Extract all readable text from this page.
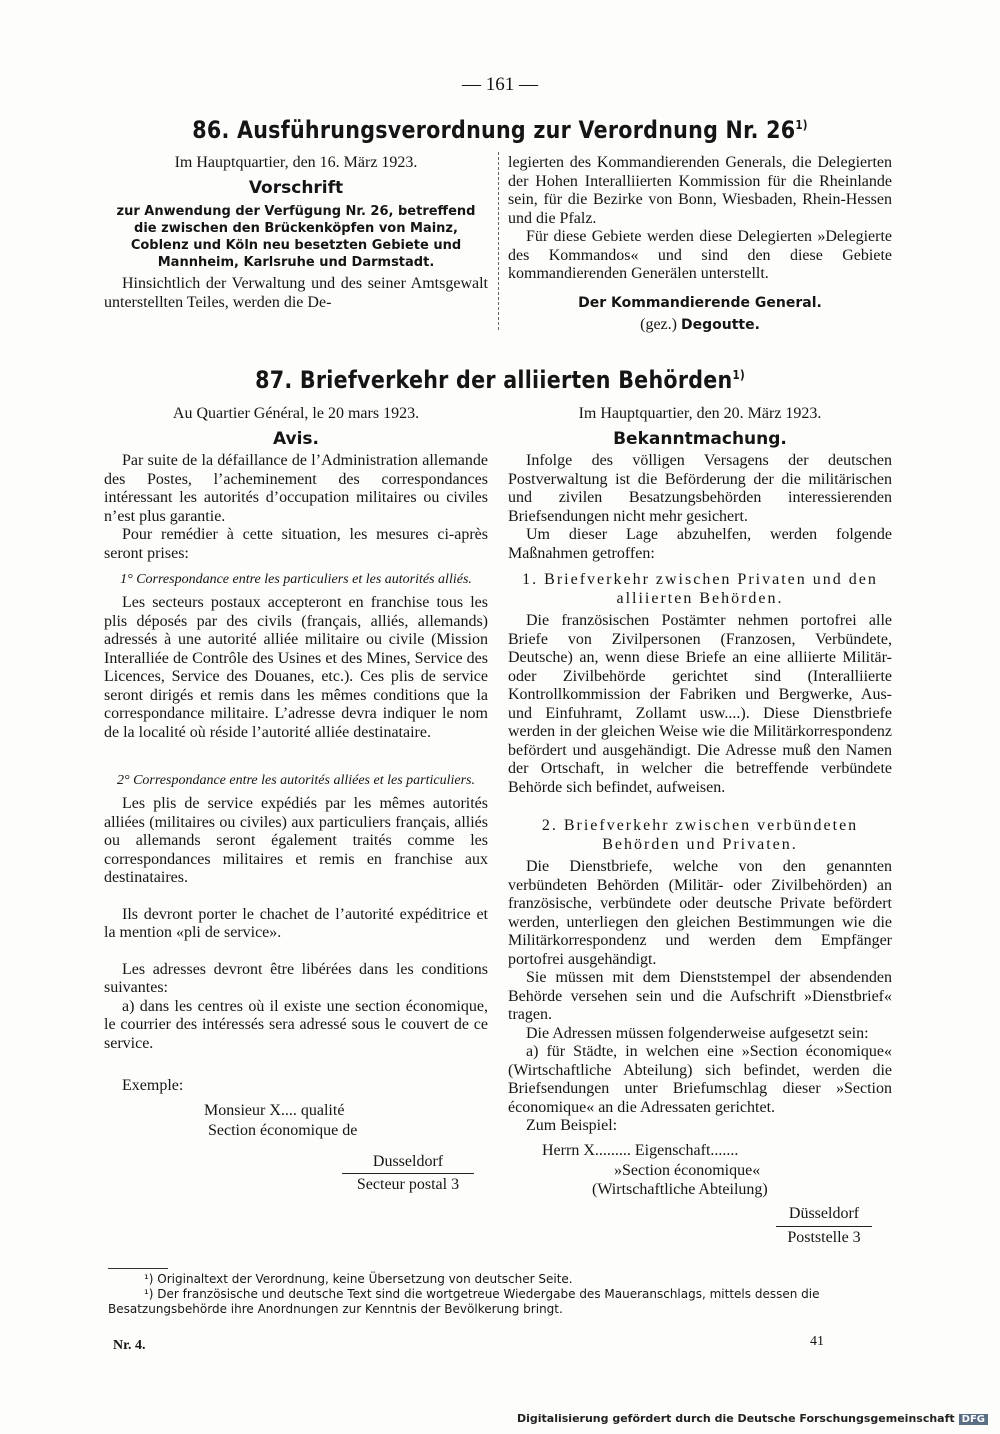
— 161 —
86. Ausführungsverordnung zur Verordnung Nr. 26$^{1)}$
Im Hauptquartier, den 16. März 1923.
Vorschrift
zur Anwendung der Verfügung Nr. 26, betreffend die zwischen den Brückenköpfen von Mainz, Coblenz und Köln neu besetzten Gebiete und Mannheim, Karlsruhe und Darmstadt.

Hinsichtlich der Verwaltung und des seiner Amtsgewalt unterstellten Teiles, werden die De-

legierten des Kommandierenden Generals, die Delegierten der Hohen Interalliierten Kommission für die Rheinlande sein, für die Bezirke von Bonn, Wiesbaden, Rhein-Hessen und die Pfalz.

Für diese Gebiete werden diese Delegierten »Delegierte des Kommandos« und sind den diese Gebiete kommandierenden Generälen unterstellt.

Der Kommandierende General.
(gez.) Degoutte.
87. Briefverkehr der alliierten Behörden$^{1)}$
Au Quartier Général, le 20 mars 1923.
Avis.

Par suite de la défaillance de l’Administration allemande des Postes, l’acheminement des correspondances intéressant les autorités d’occupation militaires ou civiles n’est plus garantie.

Pour remédier à cette situation, les mesures ci-après seront prises:

1° Correspondance entre les particuliers et les autorités alliés.

Les secteurs postaux accepteront en franchise tous les plis déposés par des civils (français, alliés, allemands) adressés à une autorité alliée militaire ou civile (Mission Interalliée de Contrôle des Usines et des Mines, Service des Licences, Service des Douanes, etc.). Ces plis de service seront dirigés et remis dans les mêmes conditions que la correspondance militaire. L’adresse devra indiquer le nom de la localité où réside l’autorité alliée destinataire.

2° Correspondance entre les autorités alliées et les particuliers.

Les plis de service expédiés par les mêmes autorités alliées (militaires ou civiles) aux particuliers français, alliés ou allemands seront également traités comme les correspondances militaires et remis en franchise aux destinataires.

Ils devront porter le chachet de l’autorité expéditrice et la mention «pli de service».

Les adresses devront être libérées dans les conditions suivantes:

a) dans les centres où il existe une section économique, le courrier des intéressés sera adressé sous le couvert de ce service.

Exemple:
Monsieur X.... qualité
Section économique de
Dusseldorf
Secteur postal 3
Im Hauptquartier, den 20. März 1923.
Bekanntmachung.

Infolge des völligen Versagens der deutschen Postverwaltung ist die Beförderung der die militärischen und zivilen Besatzungsbehörden interessierenden Briefsendungen nicht mehr gesichert.

Um dieser Lage abzuhelfen, werden folgende Maßnahmen getroffen:

1. Briefverkehr zwischen Privaten und den alliierten Behörden.

Die französischen Postämter nehmen portofrei alle Briefe von Zivilpersonen (Franzosen, Verbündete, Deutsche) an, wenn diese Briefe an eine alliierte Militär- oder Zivilbehörde gerichtet sind (Interalliierte Kontrollkommission der Fabriken und Bergwerke, Aus- und Einfuhramt, Zollamt usw....). Diese Dienstbriefe werden in der gleichen Weise wie die Militärkorrespondenz befördert und ausgehändigt. Die Adresse muß den Namen der Ortschaft, in welcher die betreffende verbündete Behörde sich befindet, aufweisen.

2. Briefverkehr zwischen verbündeten Behörden und Privaten.

Die Dienstbriefe, welche von den genannten verbündeten Behörden (Militär- oder Zivilbehörden) an französische, verbündete oder deutsche Private befördert werden, unterliegen den gleichen Bestimmungen wie die Militärkorrespondenz und werden dem Empfänger portofrei ausgehändigt.

Sie müssen mit dem Dienststempel der absendenden Behörde versehen sein und die Aufschrift »Dienstbrief« tragen.

Die Adressen müssen folgenderweise aufgesetzt sein:

a) für Städte, in welchen eine »Section économique« (Wirtschaftliche Abteilung) sich befindet, werden die Briefsendungen unter Briefumschlag dieser »Section économique« an die Adressaten gerichtet.

Zum Beispiel:
Herrn X......... Eigenschaft.......
»Section économique«
(Wirtschaftliche Abteilung)
Düsseldorf
Poststelle 3
¹) Originaltext der Verordnung, keine Übersetzung von deutscher Seite.
¹) Der französische und deutsche Text sind die wortgetreue Wiedergabe des Maueranschlags, mittels dessen die Besatzungsbehörde ihre Anordnungen zur Kenntnis der Bevölkerung bringt.
Nr. 4.	41
Digitalisierung gefördert durch die Deutsche Forschungsgemeinschaft DFG
